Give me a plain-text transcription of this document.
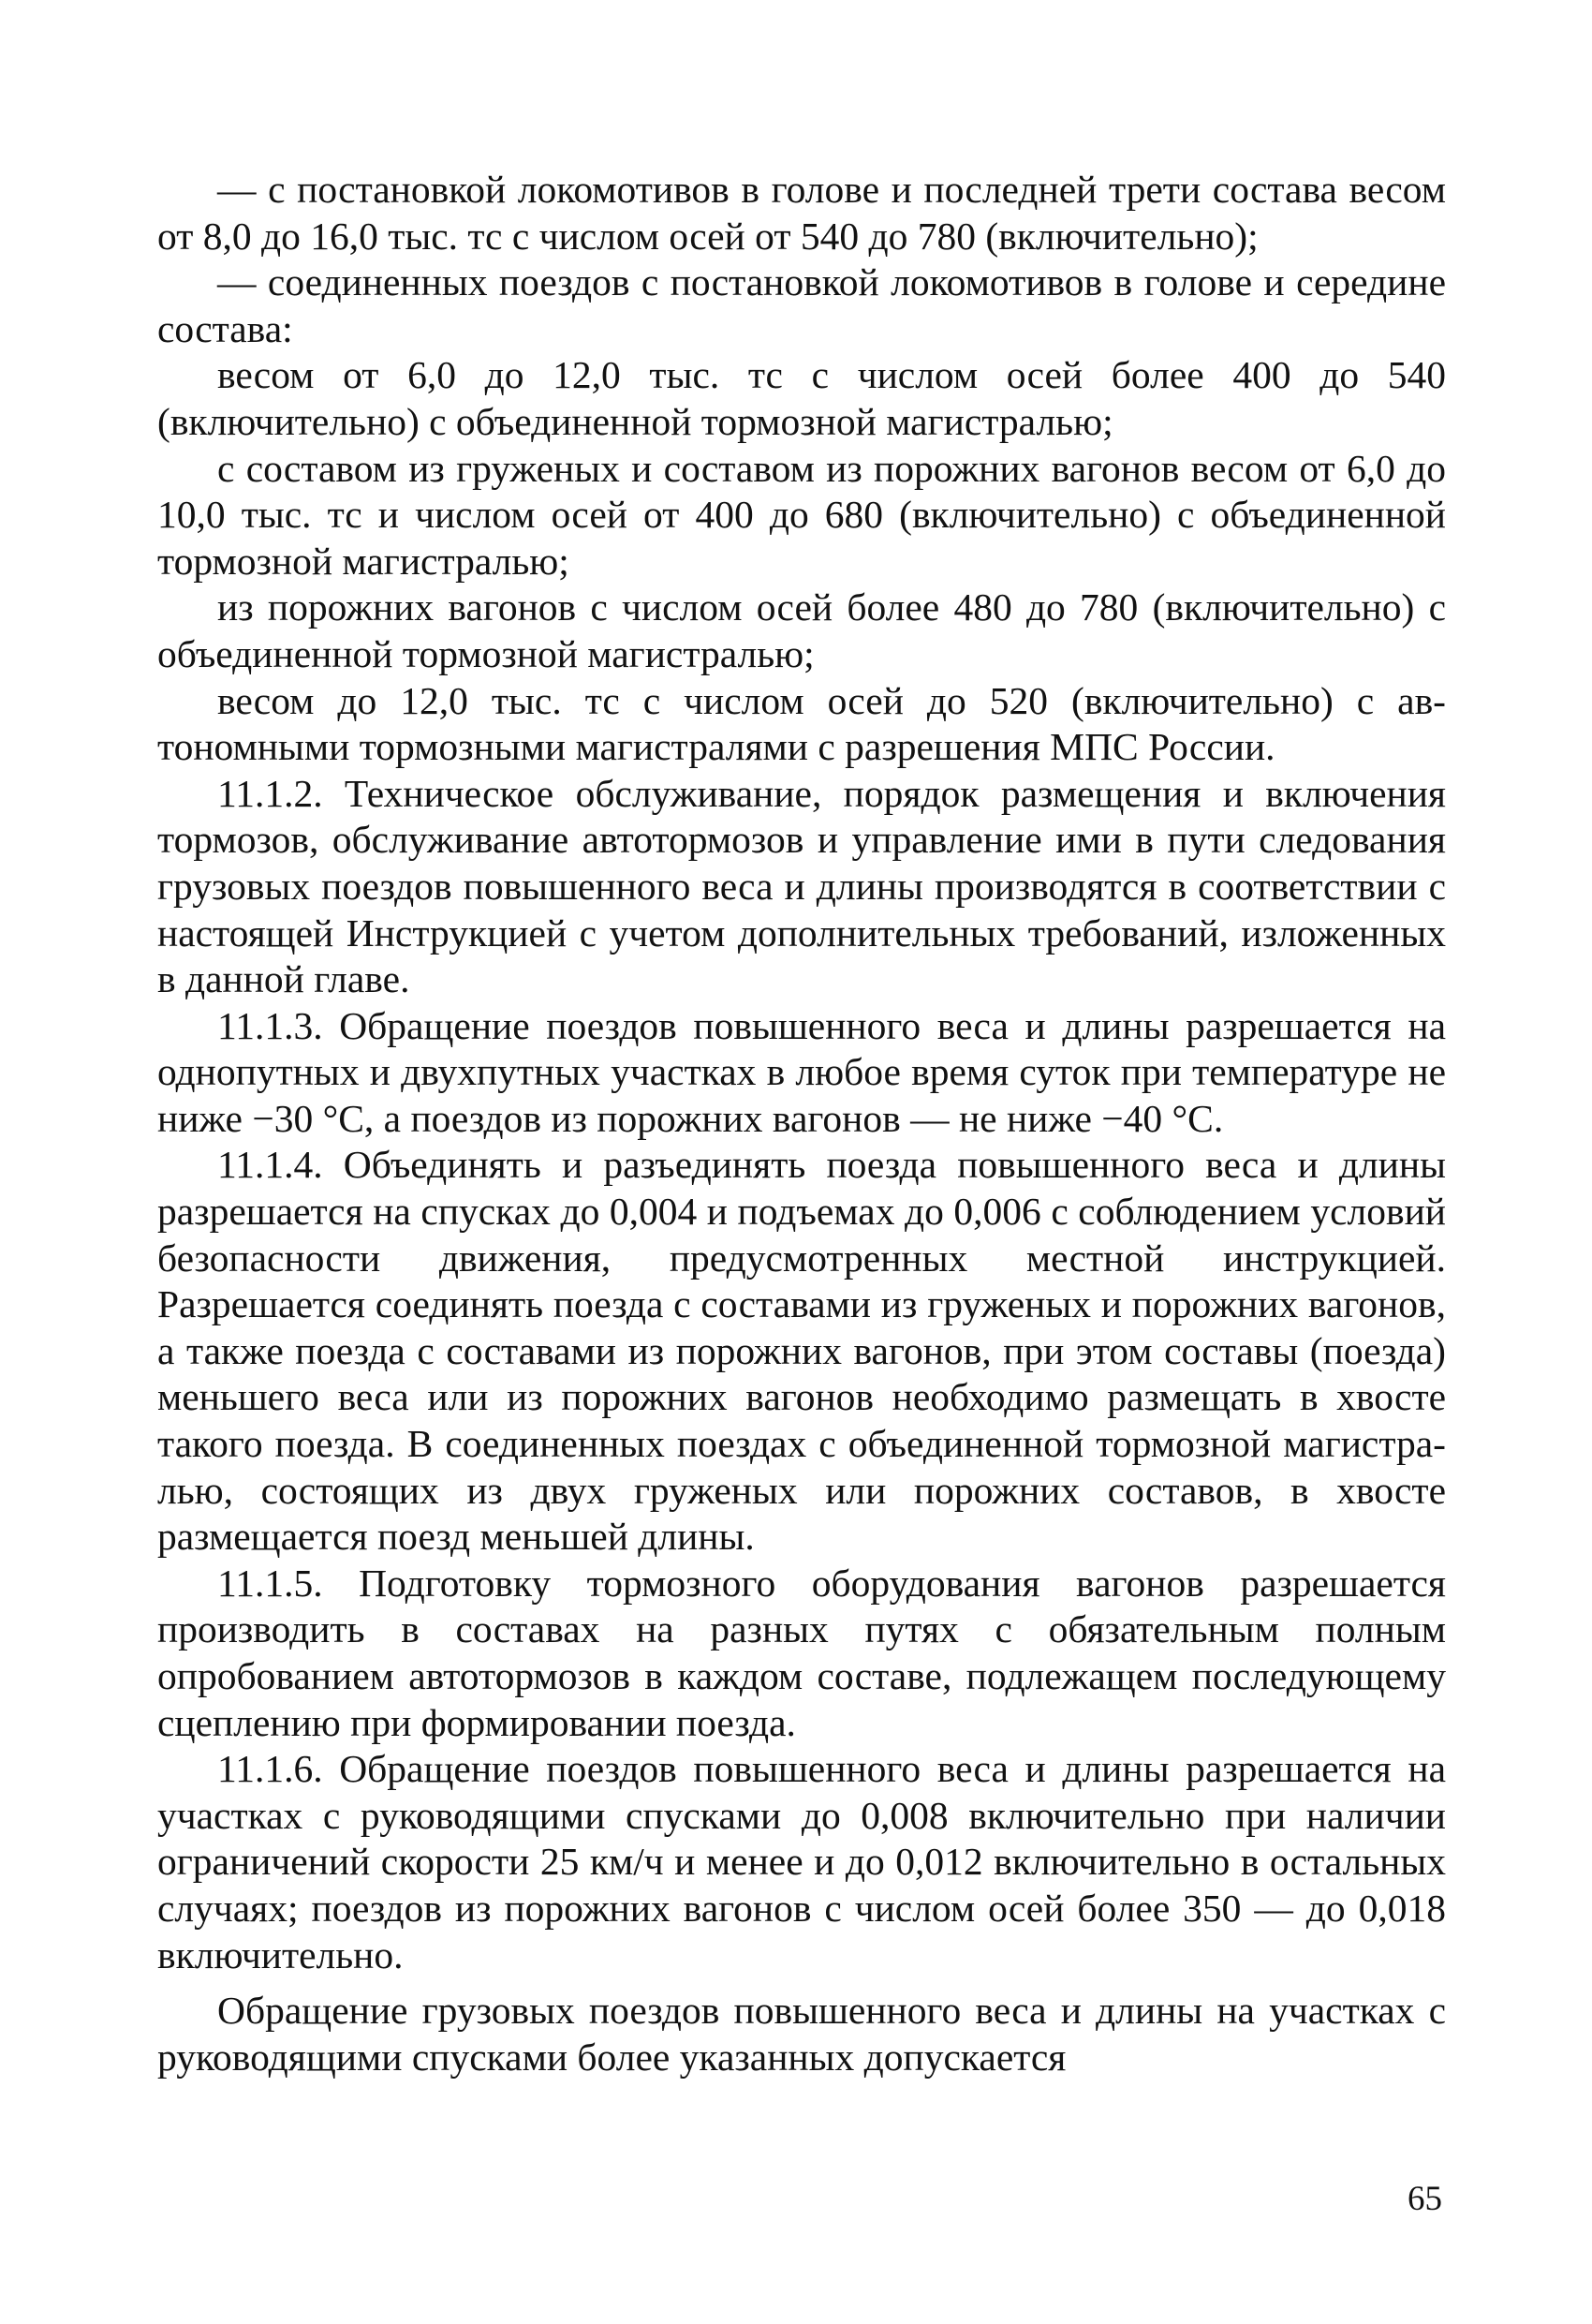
— с постановкой локомотивов в голове и последней трети состава весом от 8,0 до 16,0 тыс. тс с числом осей от 540 до 780 (включительно);

— соединенных поездов с постановкой локомотивов в голове и середине состава:

весом от 6,0 до 12,0 тыс. тс с числом осей более 400 до 540 (включительно) с объединенной тормозной магистралью;

с составом из груженых и составом из порожних вагонов весом от 6,0 до 10,0 тыс. тс и числом осей от 400 до 680 (включительно) с объединенной тормозной магистралью;

из порожних вагонов с числом осей более 480 до 780 (включительно) с объединенной тормозной магистралью;

весом до 12,0 тыс. тс с числом осей до 520 (включительно) с автономными тормозными магистралями с разрешения МПС России.

11.1.2. Техническое обслуживание, порядок размещения и включения тормозов, обслуживание автотормозов и управление ими в пути следования грузовых поездов повышенного веса и длины производятся в соответствии с настоящей Инструкцией с учетом дополнительных требований, изложенных в данной главе.

11.1.3. Обращение поездов повышенного веса и длины разрешается на однопутных и двухпутных участках в любое время суток при температуре не ниже −30 °С, а поездов из порожних вагонов — не ниже −40 °С.

11.1.4. Объединять и разъединять поезда повышенного веса и длины разрешается на спусках до 0,004 и подъемах до 0,006 с соблюдением условий безопасности движения, предусмотренных местной инструкцией. Разрешается соединять поезда с составами из груженых и порожних вагонов, а также поезда с составами из порожних вагонов, при этом составы (поезда) меньшего веса или из порожних вагонов необходимо размещать в хвосте такого поезда. В соединенных поездах с объединенной тормозной магистралью, состоящих из двух груженых или порожних составов, в хвосте размещается поезд меньшей длины.

11.1.5. Подготовку тормозного оборудования вагонов разрешается производить в составах на разных путях с обязательным полным опробованием автотормозов в каждом составе, подлежащем последующему сцеплению при формировании поезда.

11.1.6. Обращение поездов повышенного веса и длины разрешается на участках с руководящими спусками до 0,008 включительно при наличии ограничений скорости 25 км/ч и менее и до 0,012 включительно в остальных случаях; поездов из порожних вагонов с числом осей более 350 — до 0,018 включительно.

Обращение грузовых поездов повышенного веса и длины на участках с руководящими спусками более указанных допускается

65
